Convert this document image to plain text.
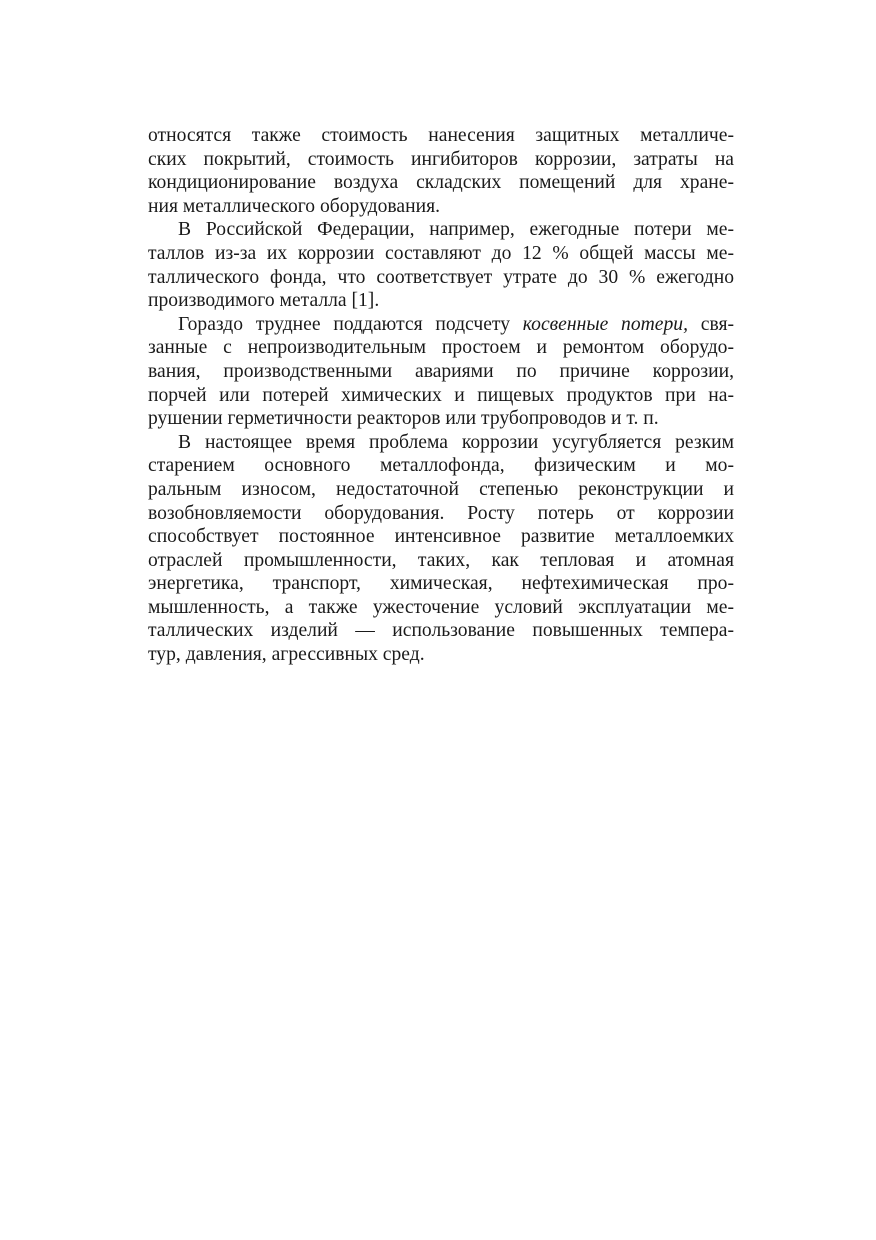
относятся также стоимость нанесения защитных металличе-
ских покрытий, стоимость ингибиторов коррозии, затраты на
кондиционирование воздуха складских помещений для хране-
ния металлического оборудования.
В Российской Федерации, например, ежегодные потери ме-
таллов из-за их коррозии составляют до 12 % общей массы ме-
таллического фонда, что соответствует утрате до 30 % ежегодно
производимого металла [1].
Гораздо труднее поддаются подсчету косвенные потери, свя-
занные с непроизводительным простоем и ремонтом оборудо-
вания, производственными авариями по причине коррозии,
порчей или потерей химических и пищевых продуктов при на-
рушении герметичности реакторов или трубопроводов и т. п.
В настоящее время проблема коррозии усугубляется резким
старением основного металлофонда, физическим и мо-
ральным износом, недостаточной степенью реконструкции и
возобновляемости оборудования. Росту потерь от коррозии
способствует постоянное интенсивное развитие металлоемких
отраслей промышленности, таких, как тепловая и атомная
энергетика, транспорт, химическая, нефтехимическая про-
мышленность, а также ужесточение условий эксплуатации ме-
таллических изделий — использование повышенных темпера-
тур, давления, агрессивных сред.
